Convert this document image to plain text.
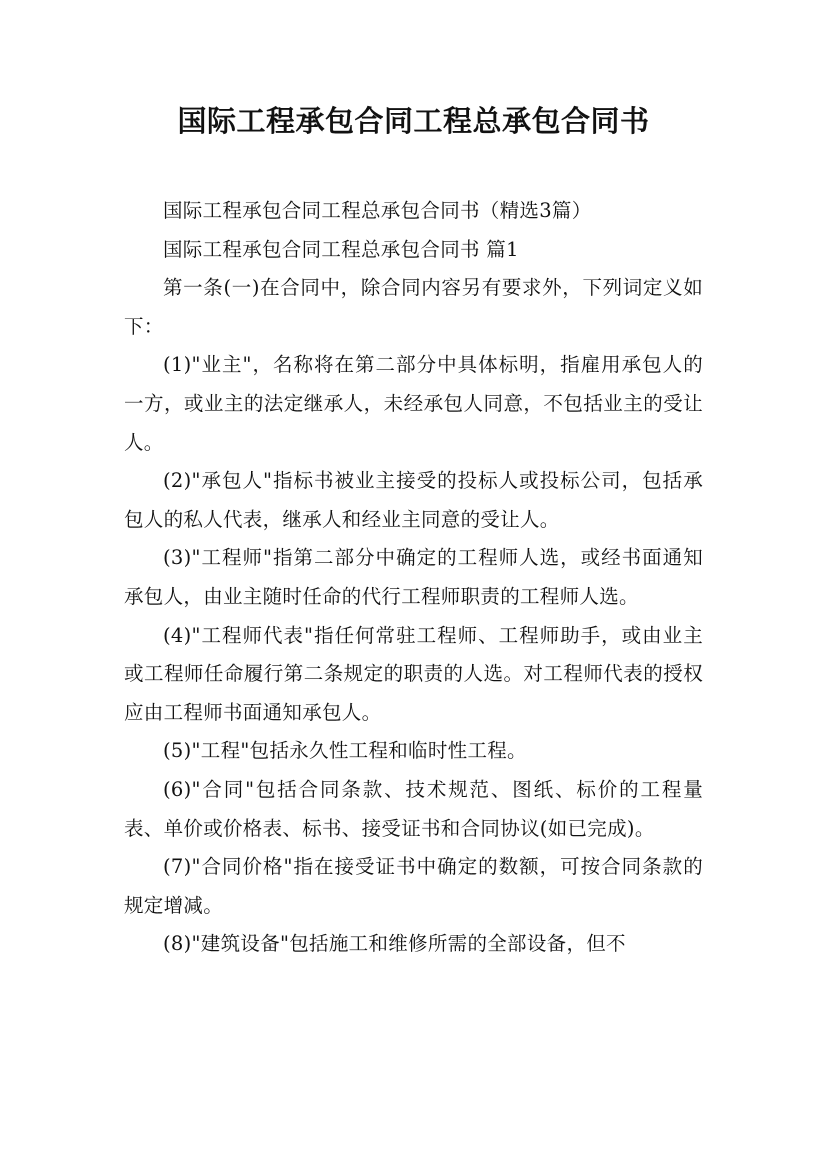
国际工程承包合同工程总承包合同书

国际工程承包合同工程总承包合同书（精选3篇）

国际工程承包合同工程总承包合同书 篇1

第一条(一)在合同中，除合同内容另有要求外，下列词定义如下：

(1)"业主"，名称将在第二部分中具体标明，指雇用承包人的一方，或业主的法定继承人，未经承包人同意，不包括业主的受让人。

(2)"承包人"指标书被业主接受的投标人或投标公司，包括承包人的私人代表，继承人和经业主同意的受让人。

(3)"工程师"指第二部分中确定的工程师人选，或经书面通知承包人，由业主随时任命的代行工程师职责的工程师人选。

(4)"工程师代表"指任何常驻工程师、工程师助手，或由业主或工程师任命履行第二条规定的职责的人选。对工程师代表的授权应由工程师书面通知承包人。

(5)"工程"包括永久性工程和临时性工程。

(6)"合同"包括合同条款、技术规范、图纸、标价的工程量表、单价或价格表、标书、接受证书和合同协议(如已完成)。

(7)"合同价格"指在接受证书中确定的数额，可按合同条款的规定增减。

(8)"建筑设备"包括施工和维修所需的全部设备，但不
